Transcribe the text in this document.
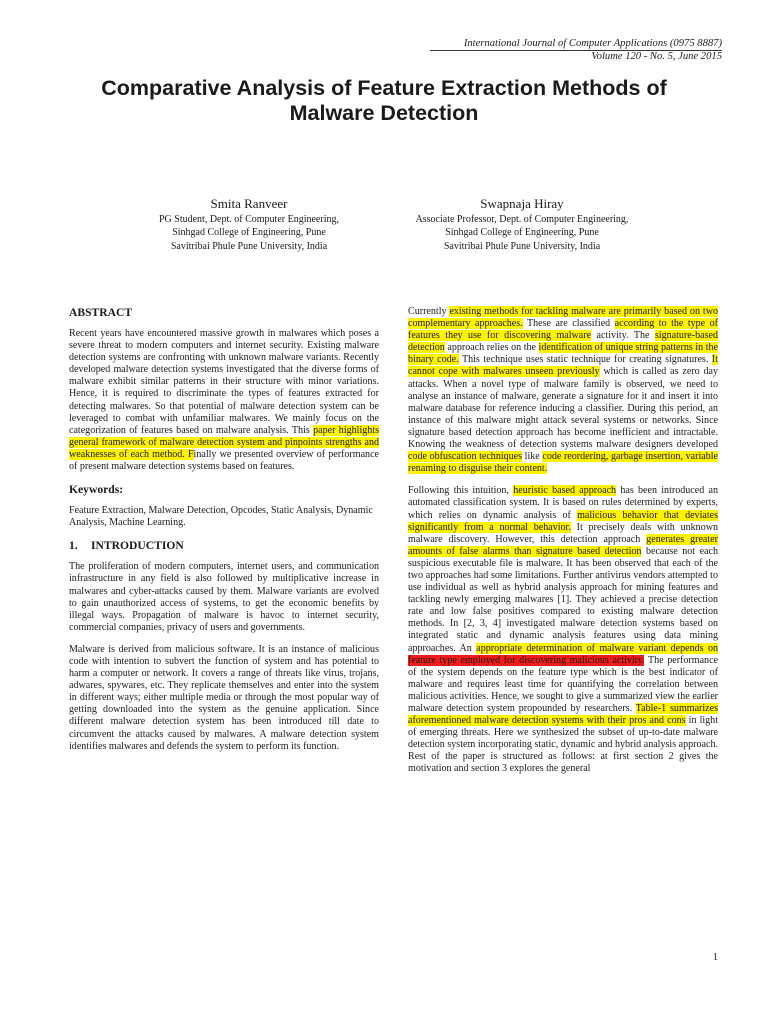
International Journal of Computer Applications (0975 8887)
Volume 120 - No. 5, June 2015
Comparative Analysis of Feature Extraction Methods of
Malware Detection
Smita Ranveer
PG Student, Dept. of Computer Engineering,
Sinhgad College of Engineering, Pune
Savitribai Phule Pune University, India
Swapnaja Hiray
Associate Professor, Dept. of Computer Engineering,
Sinhgad College of Engineering, Pune
Savitribai Phule Pune University, India
ABSTRACT

Recent years have encountered massive growth in malwares which poses a severe threat to modern computers and internet security. Existing malware detection systems are confronting with unknown malware variants. Recently developed malware detection systems investigated that the diverse forms of malware exhibit similar patterns in their structure with minor variations. Hence, it is required to discriminate the types of features extracted for detecting malwares. So that potential of malware detection system can be leveraged to combat with unfamiliar malwares. We mainly focus on the categorization of features based on malware analysis. This paper highlights general framework of malware detection system and pinpoints strengths and weaknesses of each method. Finally we presented overview of performance of present malware detection systems based on features.

Keywords:

Feature Extraction, Malware Detection, Opcodes, Static Analysis, Dynamic Analysis, Machine Learning.

1. INTRODUCTION

The proliferation of modern computers, internet users, and communication infrastructure in any field is also followed by multiplicative increase in malwares and cyber-attacks caused by them. Malware variants are evolved to gain unauthorized access of systems, to get the economic benefits by illegal ways. Propagation of malware is havoc to internet security, commercial companies, privacy of users and governments.

Malware is derived from malicious software. It is an instance of malicious code with intention to subvert the function of system and has potential to harm a computer or network. It covers a range of threats like virus, trojans, adwares, spywares, etc. They replicate themselves and enter into the system in different ways; either multiple media or through the most popular way of getting downloaded into the system as the genuine application. Since different malware detection system has been introduced till date to circumvent the attacks caused by malwares. A malware detection system identifies malwares and defends the system to perform its function.

Currently existing methods for tackling malware are primarily based on two complementary approaches. These are classified according to the type of features they use for discovering malware activity. The signature-based detection approach relies on the identification of unique string patterns in the binary code. This technique uses static technique for creating signatures. It cannot cope with malwares unseen previously which is called as zero day attacks. When a novel type of malware family is observed, we need to analyse an instance of malware, generate a signature for it and insert it into malware database for reference inducing a classifier. During this period, an instance of this malware might attack several systems or networks. Since signature based detection approach has become inefficient and intractable. Knowing the weakness of detection systems malware designers developed code obfuscation techniques like code reordering, garbage insertion, variable renaming to disguise their content.

Following this intuition, heuristic based approach has been introduced an automated classification system. It is based on rules determined by experts, which relies on dynamic analysis of malicious behavior that deviates significantly from a normal behavior. It precisely deals with unknown malware discovery. However, this detection approach generates greater amounts of false alarms than signature based detection because not each suspicious executable file is malware. It has been observed that each of the two approaches had some limitations. Further antivirus vendors attempted to use individual as well as hybrid analysis approach for mining features and tackling newly emerging malwares [1]. They achieved a precise detection rate and low false positives compared to existing malware detection methods. In [2, 3, 4] investigated malware detection systems based on integrated static and dynamic analysis features using data mining approaches. An appropriate determination of malware variant depends on feature type employed for discovering malicious activity. The performance of the system depends on the feature type which is the best indicator of malware and requires least time for quantifying the correlation between malicious activities. Hence, we sought to give a summarized view the earlier malware detection system propounded by researchers. Table-1 summarizes aforementioned malware detection systems with their pros and cons in light of emerging threats. Here we synthesized the subset of up-to-date malware detection system incorporating static, dynamic and hybrid analysis approach. Rest of the paper is structured as follows: at first section 2 gives the motivation and section 3 explores the general

1
